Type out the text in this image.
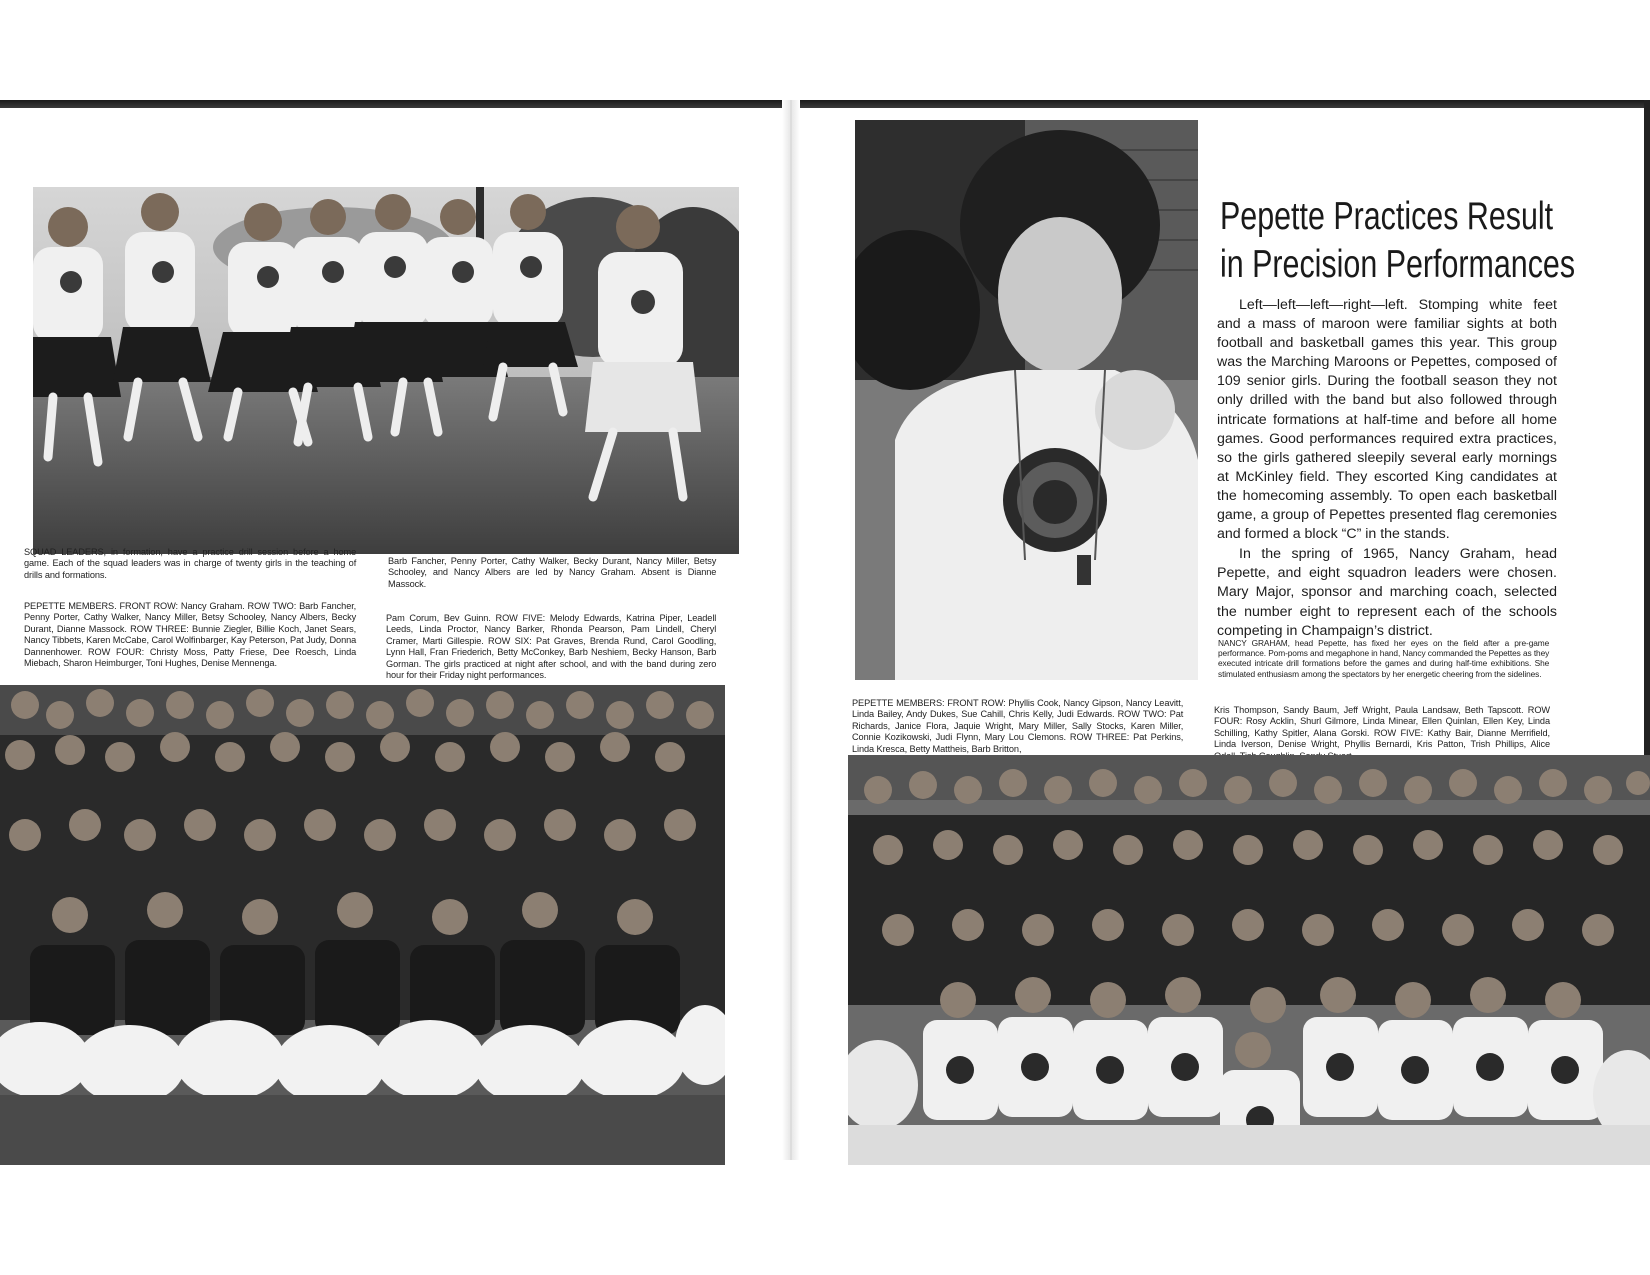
SQUAD LEADERS, in formation, have a practice drill session before a home game. Each of the squad leaders was in charge of twenty girls in the teaching of drills and formations.
Barb Fancher, Penny Porter, Cathy Walker, Becky Durant, Nancy Miller, Betsy Schooley, and Nancy Albers are led by Nancy Graham. Absent is Dianne Massock.
PEPETTE MEMBERS. FRONT ROW: Nancy Graham. ROW TWO: Barb Fancher, Penny Porter, Cathy Walker, Nancy Miller, Betsy Schooley, Nancy Albers, Becky Durant, Dianne Massock. ROW THREE: Bunnie Ziegler, Billie Koch, Janet Sears, Nancy Tibbets, Karen McCabe, Carol Wolfinbarger, Kay Peterson, Pat Judy, Donna Dannenhower. ROW FOUR: Christy Moss, Patty Friese, Dee Roesch, Linda Miebach, Sharon Heimburger, Toni Hughes, Denise Mennenga.
Pam Corum, Bev Guinn. ROW FIVE: Melody Edwards, Katrina Piper, Leadell Leeds, Linda Proctor, Nancy Barker, Rhonda Pearson, Pam Lindell, Cheryl Cramer, Marti Gillespie. ROW SIX: Pat Graves, Brenda Rund, Carol Goodling, Lynn Hall, Fran Friederich, Betty McConkey, Barb Neshiem, Becky Hanson, Barb Gorman. The girls practiced at night after school, and with the band during zero hour for their Friday night performances.
Pepette Practices Result
in Precision Performances

Left—left—left—right—left. Stomping white feet and a mass of maroon were familiar sights at both football and basketball games this year. This group was the Marching Maroons or Pepettes, composed of 109 senior girls. During the football season they not only drilled with the band but also followed through intricate formations at half-time and before all home games. Good performances required extra practices, so the girls gathered sleepily several early mornings at McKinley field. They escorted King candidates at the homecoming assembly. To open each basketball game, a group of Pepettes presented flag ceremonies and formed a block “C” in the stands.

In the spring of 1965, Nancy Graham, head Pepette, and eight squadron leaders were chosen. Mary Major, sponsor and marching coach, selected the number eight to represent each of the schools competing in Champaign’s district.

NANCY GRAHAM, head Pepette, has fixed her eyes on the field after a pre-game performance. Pom-poms and megaphone in hand, Nancy commanded the Pepettes as they executed intricate drill formations before the games and during half-time exhibitions. She stimulated enthusiasm among the spectators by her energetic cheering from the sidelines.
PEPETTE MEMBERS: FRONT ROW: Phyllis Cook, Nancy Gipson, Nancy Leavitt, Linda Bailey, Andy Dukes, Sue Cahill, Chris Kelly, Judi Edwards. ROW TWO: Pat Richards, Janice Flora, Jaquie Wright, Mary Miller, Sally Stocks, Karen Miller, Connie Kozikowski, Judi Flynn, Mary Lou Clemons. ROW THREE: Pat Perkins, Linda Kresca, Betty Mattheis, Barb Britton,
Kris Thompson, Sandy Baum, Jeff Wright, Paula Landsaw, Beth Tapscott. ROW FOUR: Rosy Acklin, Shurl Gilmore, Linda Minear, Ellen Quinlan, Ellen Key, Linda Schilling, Kathy Spitler, Alana Gorski. ROW FIVE: Kathy Bair, Dianne Merrifield, Linda Iverson, Denise Wright, Phyllis Bernardi, Kris Patton, Trish Phillips, Alice
